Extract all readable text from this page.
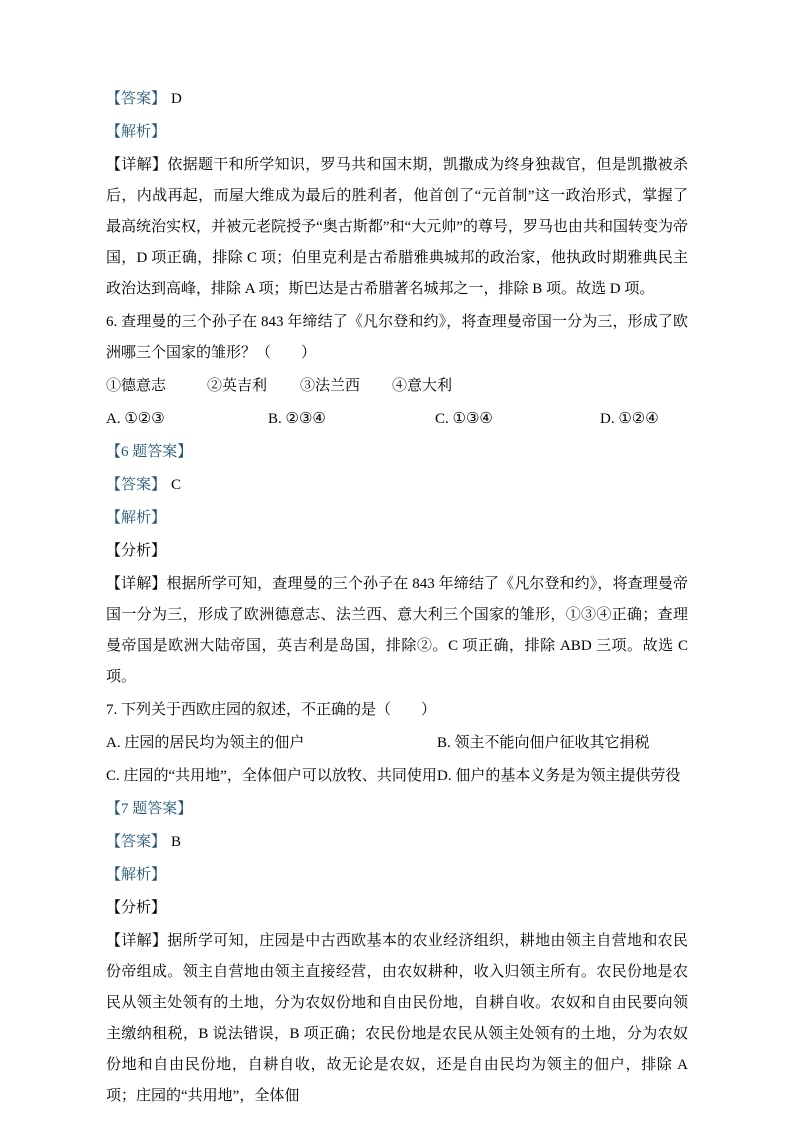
【答案】 D
【解析】
【详解】依据题干和所学知识，罗马共和国末期，凯撒成为终身独裁官，但是凯撒被杀后，内战再起，而屋大维成为最后的胜利者，他首创了“元首制”这一政治形式，掌握了最高统治实权，并被元老院授予“奥古斯都”和“大元帅”的尊号，罗马也由共和国转变为帝国，D 项正确，排除 C 项；伯里克利是古希腊雅典城邦的政治家，他执政时期雅典民主政治达到高峰，排除 A 项；斯巴达是古希腊著名城邦之一，排除 B 项。故选 D 项。
6. 查理曼的三个孙子在 843 年缔结了《凡尔登和约》，将查理曼帝国一分为三，形成了欧洲哪三个国家的雏形？（　　）
①德意志	②英吉利	③法兰西	④意大利
A. ①②③	B. ②③④	C. ①③④	D. ①②④
【6 题答案】
【答案】 C
【解析】
【分析】
【详解】根据所学可知，查理曼的三个孙子在 843 年缔结了《凡尔登和约》，将查理曼帝国一分为三，形成了欧洲德意志、法兰西、意大利三个国家的雏形，①③④正确；查理曼帝国是欧洲大陆帝国，英吉利是岛国，排除②。C 项正确，排除 ABD 三项。故选 C 项。
7. 下列关于西欧庄园的叙述，不正确的是（　　）
A. 庄园的居民均为领主的佃户	B. 领主不能向佃户征收其它捐税
C. 庄园的“共用地”，全体佃户可以放牧、共同使用 D. 佃户的基本义务是为领主提供劳役
【7 题答案】
【答案】 B
【解析】
【分析】
【详解】据所学可知，庄园是中古西欧基本的农业经济组织，耕地由领主自营地和农民份帝组成。领主自营地由领主直接经营，由农奴耕种，收入归领主所有。农民份地是农民从领主处领有的土地，分为农奴份地和自由民份地，自耕自收。农奴和自由民要向领主缴纳租税，B 说法错误，B 项正确；农民份地是农民从领主处领有的土地，分为农奴份地和自由民份地，自耕自收，故无论是农奴，还是自由民均为领主的佃户，排除 A 项；庄园的“共用地”，全体佃
